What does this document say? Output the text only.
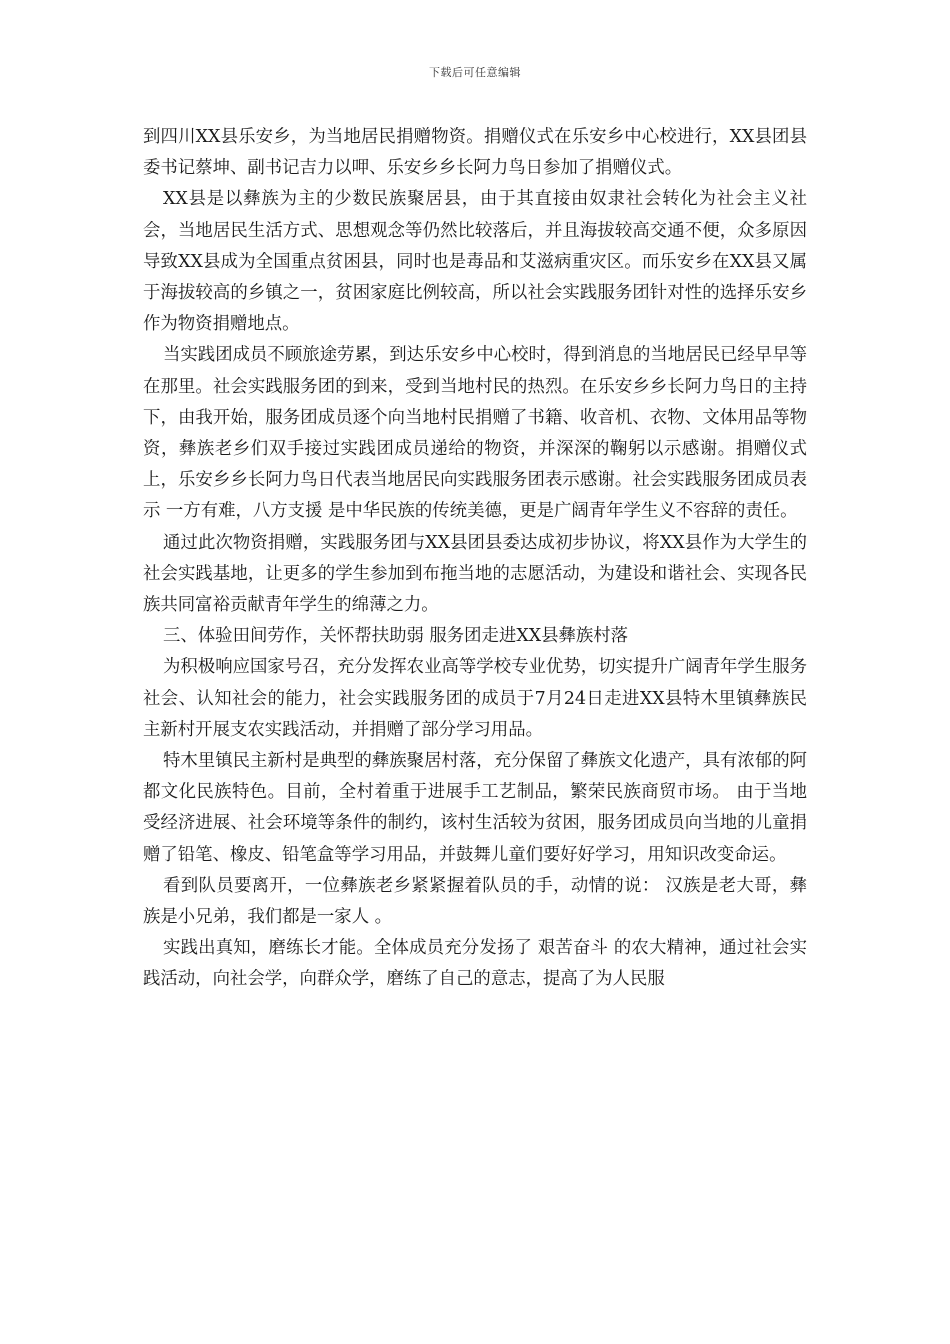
下载后可任意编辑

到四川XX县乐安乡，为当地居民捐赠物资。捐赠仪式在乐安乡中心校进行，XX县团县委书记蔡坤、副书记吉力以呷、乐安乡乡长阿力鸟日参加了捐赠仪式。

XX县是以彝族为主的少数民族聚居县，由于其直接由奴隶社会转化为社会主义社会，当地居民生活方式、思想观念等仍然比较落后，并且海拔较高交通不便，众多原因导致XX县成为全国重点贫困县，同时也是毒品和艾滋病重灾区。而乐安乡在XX县又属于海拔较高的乡镇之一，贫困家庭比例较高，所以社会实践服务团针对性的选择乐安乡作为物资捐赠地点。

当实践团成员不顾旅途劳累，到达乐安乡中心校时，得到消息的当地居民已经早早等在那里。社会实践服务团的到来，受到当地村民的热烈。在乐安乡乡长阿力鸟日的主持下，由我开始，服务团成员逐个向当地村民捐赠了书籍、收音机、衣物、文体用品等物资，彝族老乡们双手接过实践团成员递给的物资，并深深的鞠躬以示感谢。捐赠仪式上，乐安乡乡长阿力鸟日代表当地居民向实践服务团表示感谢。社会实践服务团成员表示 一方有难，八方支援 是中华民族的传统美德，更是广阔青年学生义不容辞的责任。

通过此次物资捐赠，实践服务团与XX县团县委达成初步协议，将XX县作为大学生的社会实践基地，让更多的学生参加到布拖当地的志愿活动，为建设和谐社会、实现各民族共同富裕贡献青年学生的绵薄之力。

三、体验田间劳作，关怀帮扶助弱 服务团走进XX县彝族村落

为积极响应国家号召，充分发挥农业高等学校专业优势，切实提升广阔青年学生服务社会、认知社会的能力，社会实践服务团的成员于7月24日走进XX县特木里镇彝族民主新村开展支农实践活动，并捐赠了部分学习用品。

特木里镇民主新村是典型的彝族聚居村落，充分保留了彝族文化遗产，具有浓郁的阿都文化民族特色。目前，全村着重于进展手工艺制品，繁荣民族商贸市场。 由于当地受经济进展、社会环境等条件的制约，该村生活较为贫困，服务团成员向当地的儿童捐赠了铅笔、橡皮、铅笔盒等学习用品，并鼓舞儿童们要好好学习，用知识改变命运。

看到队员要离开，一位彝族老乡紧紧握着队员的手，动情的说： 汉族是老大哥，彝族是小兄弟，我们都是一家人 。

实践出真知，磨练长才能。全体成员充分发扬了 艰苦奋斗 的农大精神，通过社会实践活动，向社会学，向群众学，磨练了自己的意志，提高了为人民服
